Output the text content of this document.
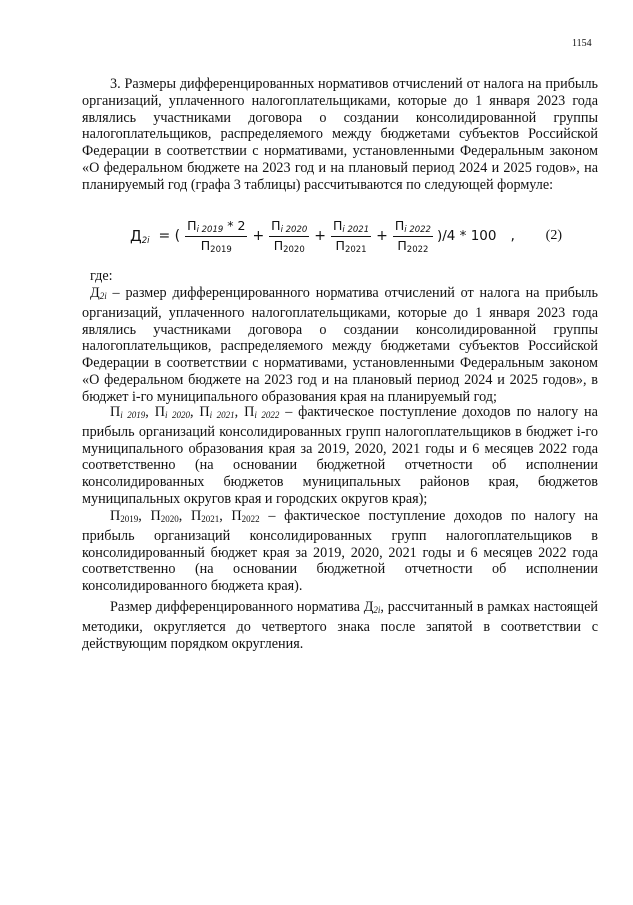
1154

3. Размеры дифференцированных нормативов отчислений от налога на прибыль организаций, уплаченного налогоплательщиками, которые до 1 января 2023 года являлись участниками договора о создании консолидированной группы налогоплательщиков, распределяемого между бюджетами субъектов Российской Федерации в соответствии с нормативами, установленными Федеральным законом «О федеральном бюджете на 2023 год и на плановый период 2024 и 2025 годов», на планируемый год (графа 3 таблицы) рассчитываются по следующей формуле:

$Д_{2i}$ = ( $\frac{П_{i 2019} * 2}{П_{2019}} + \frac{П_{i 2020}}{П_{2020}} + \frac{П_{i 2021}}{П_{2021}} + \frac{П_{i 2022}}{П_{2022}} )/4 * 100$ , (2)

где:

Д2i – размер дифференцированного норматива отчислений от налога на прибыль организаций, уплаченного налогоплательщиками, которые до 1 января 2023 года являлись участниками договора о создании консолидированной группы налогоплательщиков, распределяемого между бюджетами субъектов Российской Федерации в соответствии с нормативами, установленными Федеральным законом «О федеральном бюджете на 2023 год и на плановый период 2024 и 2025 годов», в бюджет i-го муниципального образования края на планируемый год;

Пi 2019, Пi 2020, Пi 2021, Пi 2022 – фактическое поступление доходов по налогу на прибыль организаций консолидированных групп налогоплательщиков в бюджет i-го муниципального образования края за 2019, 2020, 2021 годы и 6 месяцев 2022 года соответственно (на основании бюджетной отчетности об исполнении консолидированных бюджетов муниципальных районов края, бюджетов муниципальных округов края и городских округов края);

П2019, П2020, П2021, П2022 – фактическое поступление доходов по налогу на прибыль организаций консолидированных групп налогоплательщиков в консолидированный бюджет края за 2019, 2020, 2021 годы и 6 месяцев 2022 года соответственно (на основании бюджетной отчетности об исполнении консолидированного бюджета края).

Размер дифференцированного норматива Д2i, рассчитанный в рамках настоящей методики, округляется до четвертого знака после запятой в соответствии с действующим порядком округления.
